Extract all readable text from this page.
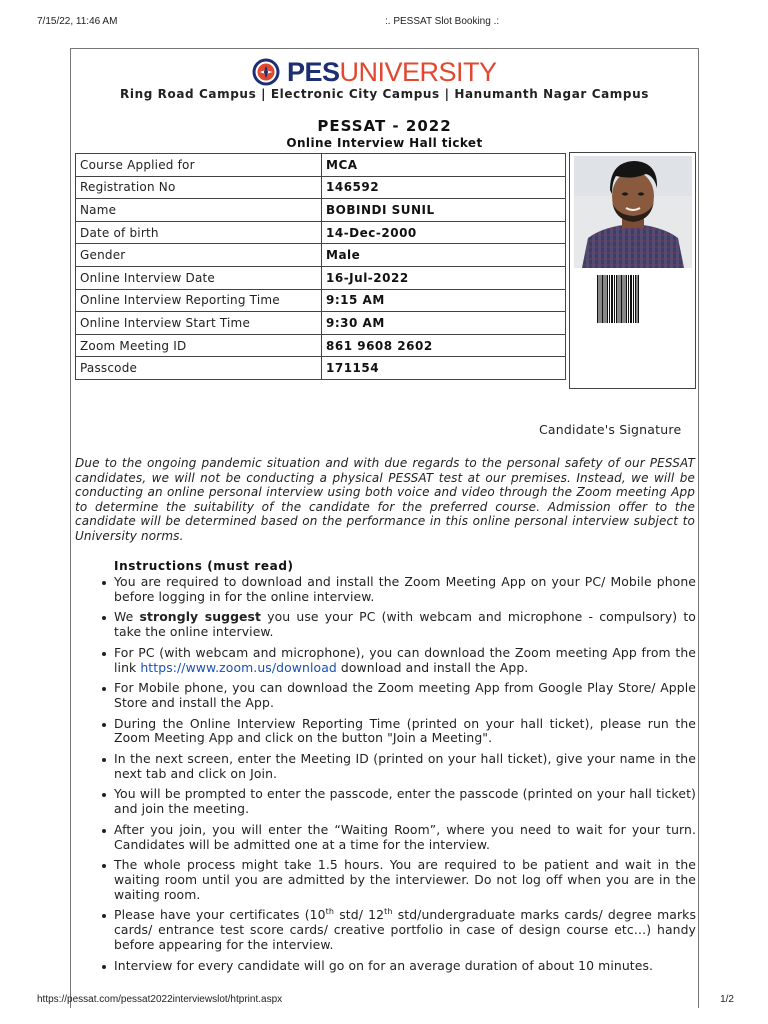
7/15/22, 11:46 AM	:. PESSAT Slot Booking .:
PESUNIVERSITY
Ring Road Campus | Electronic City Campus | Hanumanth Nagar Campus
PESSAT - 2022
Online Interview Hall ticket
Course Applied for	MCA
Registration No	146592
Name	BOBINDI SUNIL
Date of birth	14-Dec-2000
Gender	Male
Online Interview Date	16-Jul-2022
Online Interview Reporting Time	9:15 AM
Online Interview Start Time	9:30 AM
Zoom Meeting ID	861 9608 2602
Passcode	171154
Candidate's Signature
Due to the ongoing pandemic situation and with due regards to the personal safety of our PESSAT candidates, we will not be conducting a physical PESSAT test at our premises. Instead, we will be conducting an online personal interview using both voice and video through the Zoom meeting App to determine the suitability of the candidate for the preferred course. Admission offer to the candidate will be determined based on the performance in this online personal interview subject to University norms.
Instructions (must read)
You are required to download and install the Zoom Meeting App on your PC/ Mobile phone before logging in for the online interview.
We strongly suggest you use your PC (with webcam and microphone - compulsory) to take the online interview.
For PC (with webcam and microphone), you can download the Zoom meeting App from the link https://www.zoom.us/download download and install the App.
For Mobile phone, you can download the Zoom meeting App from Google Play Store/ Apple Store and install the App.
During the Online Interview Reporting Time (printed on your hall ticket), please run the Zoom Meeting App and click on the button "Join a Meeting".
In the next screen, enter the Meeting ID (printed on your hall ticket), give your name in the next tab and click on Join.
You will be prompted to enter the passcode, enter the passcode (printed on your hall ticket) and join the meeting.
After you join, you will enter the “Waiting Room”, where you need to wait for your turn. Candidates will be admitted one at a time for the interview.
The whole process might take 1.5 hours. You are required to be patient and wait in the waiting room until you are admitted by the interviewer. Do not log off when you are in the waiting room.
Please have your certificates (10th std/ 12th std/undergraduate marks cards/ degree marks cards/ entrance test score cards/ creative portfolio in case of design course etc…) handy before appearing for the interview.
Interview for every candidate will go on for an average duration of about 10 minutes.
https://pessat.com/pessat2022interviewslot/htprint.aspx	1/2
